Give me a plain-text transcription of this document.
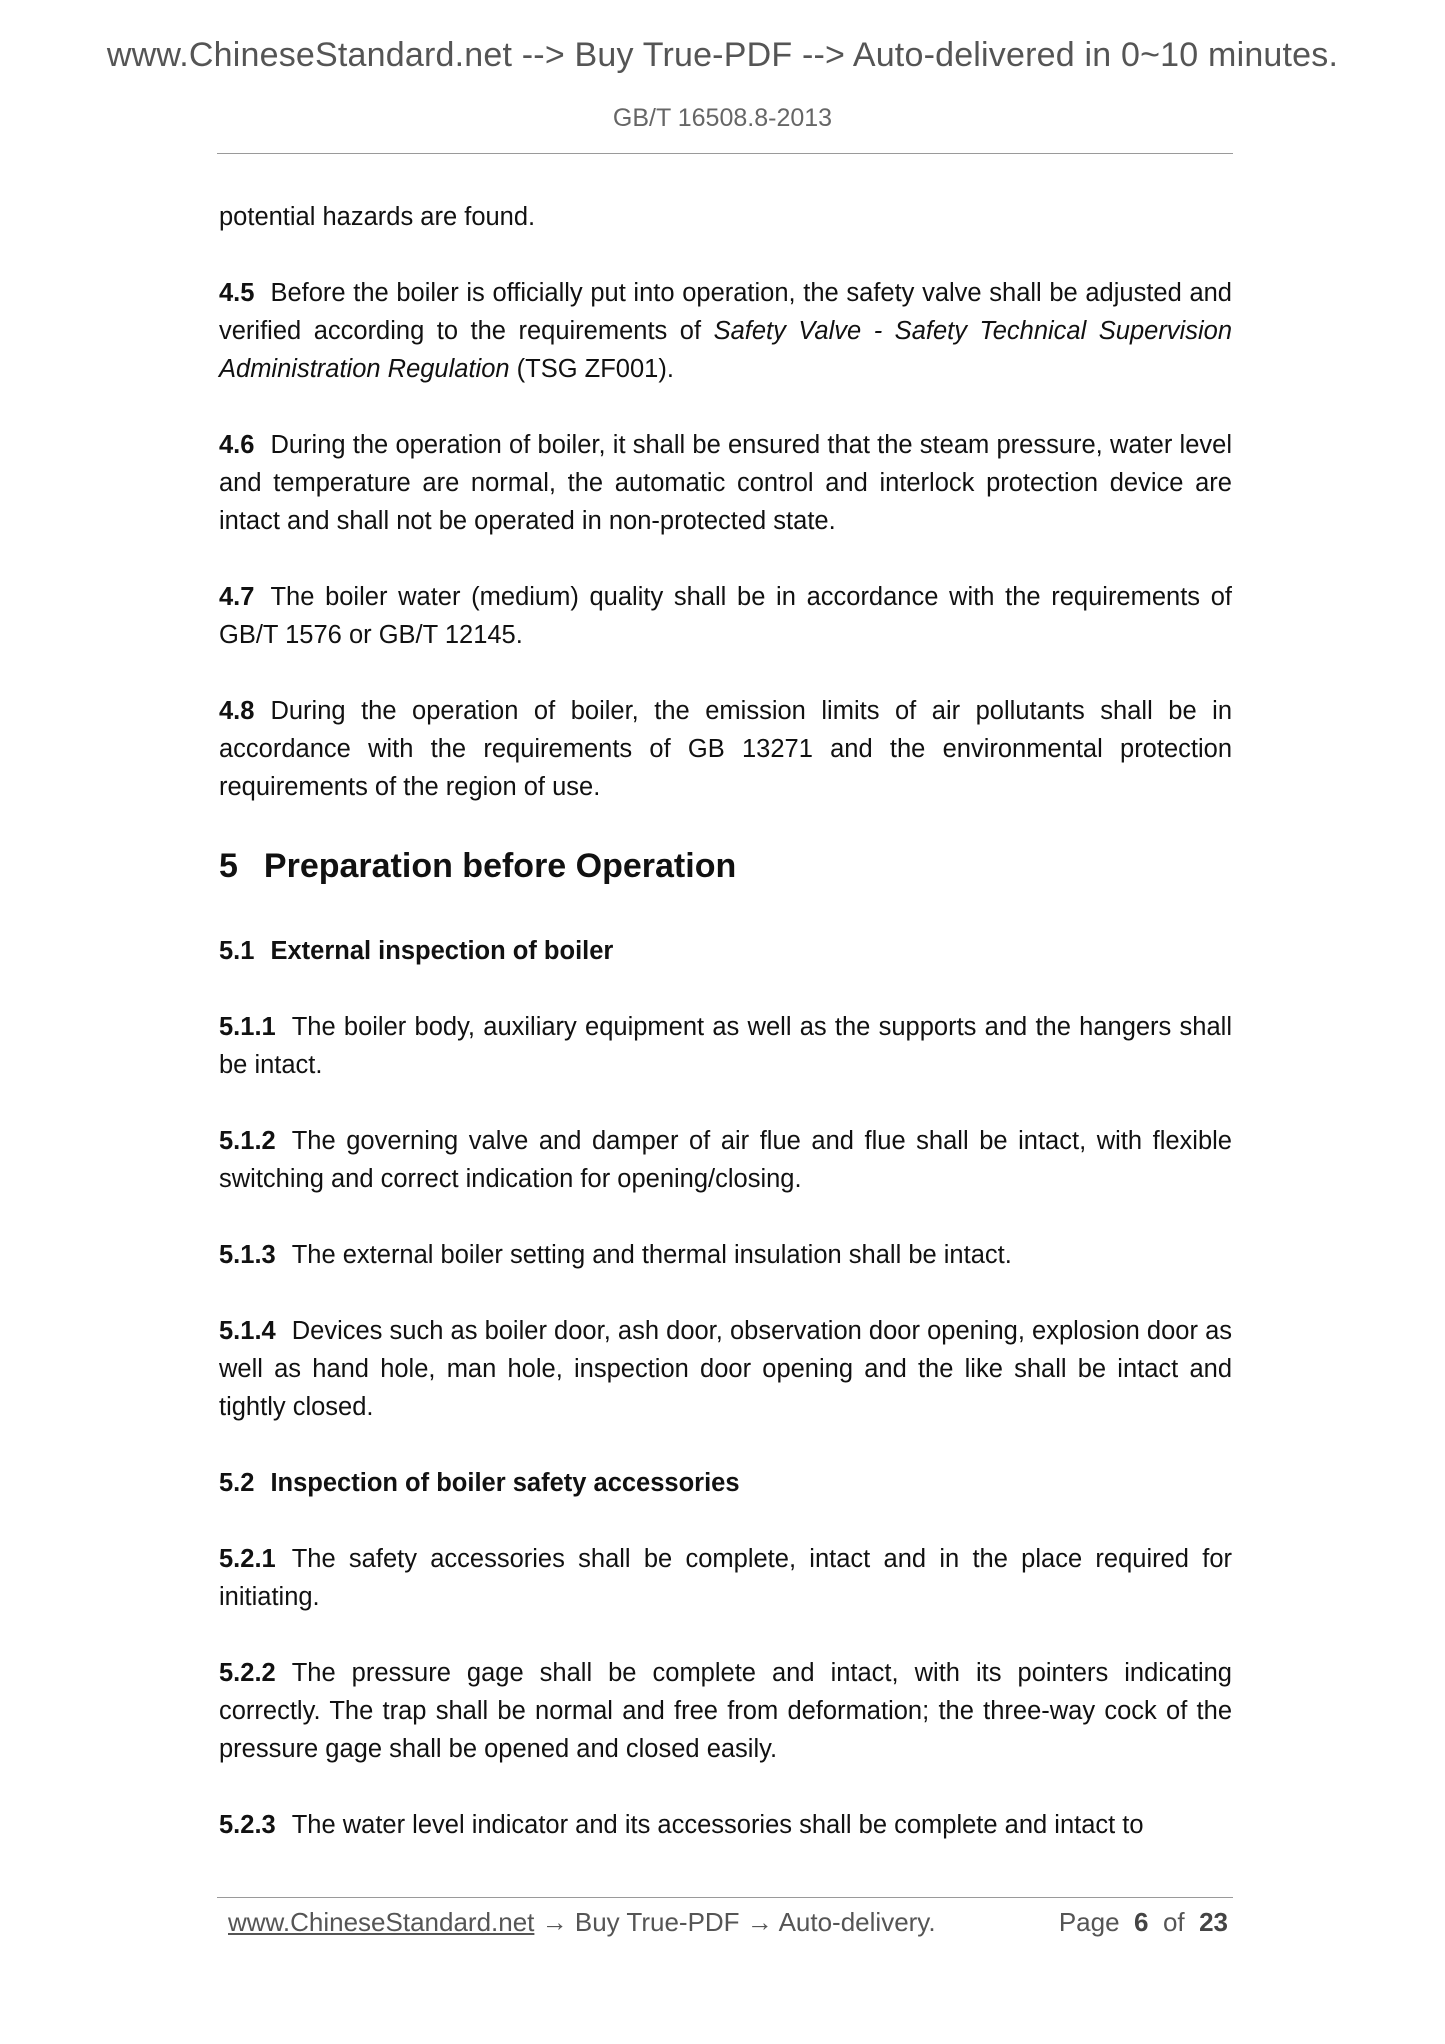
www.ChineseStandard.net --> Buy True-PDF --> Auto-delivered in 0~10 minutes.
GB/T 16508.8-2013

potential hazards are found.

4.5 Before the boiler is officially put into operation, the safety valve shall be adjusted and verified according to the requirements of Safety Valve - Safety Technical Supervision Administration Regulation (TSG ZF001).

4.6 During the operation of boiler, it shall be ensured that the steam pressure, water level and temperature are normal, the automatic control and interlock protection device are intact and shall not be operated in non-protected state.

4.7 The boiler water (medium) quality shall be in accordance with the requirements of GB/T 1576 or GB/T 12145.

4.8 During the operation of boiler, the emission limits of air pollutants shall be in accordance with the requirements of GB 13271 and the environmental protection requirements of the region of use.

5 Preparation before Operation
5.1 External inspection of boiler

5.1.1 The boiler body, auxiliary equipment as well as the supports and the hangers shall be intact.

5.1.2 The governing valve and damper of air flue and flue shall be intact, with flexible switching and correct indication for opening/closing.

5.1.3 The external boiler setting and thermal insulation shall be intact.

5.1.4 Devices such as boiler door, ash door, observation door opening, explosion door as well as hand hole, man hole, inspection door opening and the like shall be intact and tightly closed.

5.2 Inspection of boiler safety accessories

5.2.1 The safety accessories shall be complete, intact and in the place required for initiating.

5.2.2 The pressure gage shall be complete and intact, with its pointers indicating correctly. The trap shall be normal and free from deformation; the three-way cock of the pressure gage shall be opened and closed easily.

5.2.3 The water level indicator and its accessories shall be complete and intact to

www.ChineseStandard.net → Buy True-PDF → Auto-delivery.	Page 6 of 23
